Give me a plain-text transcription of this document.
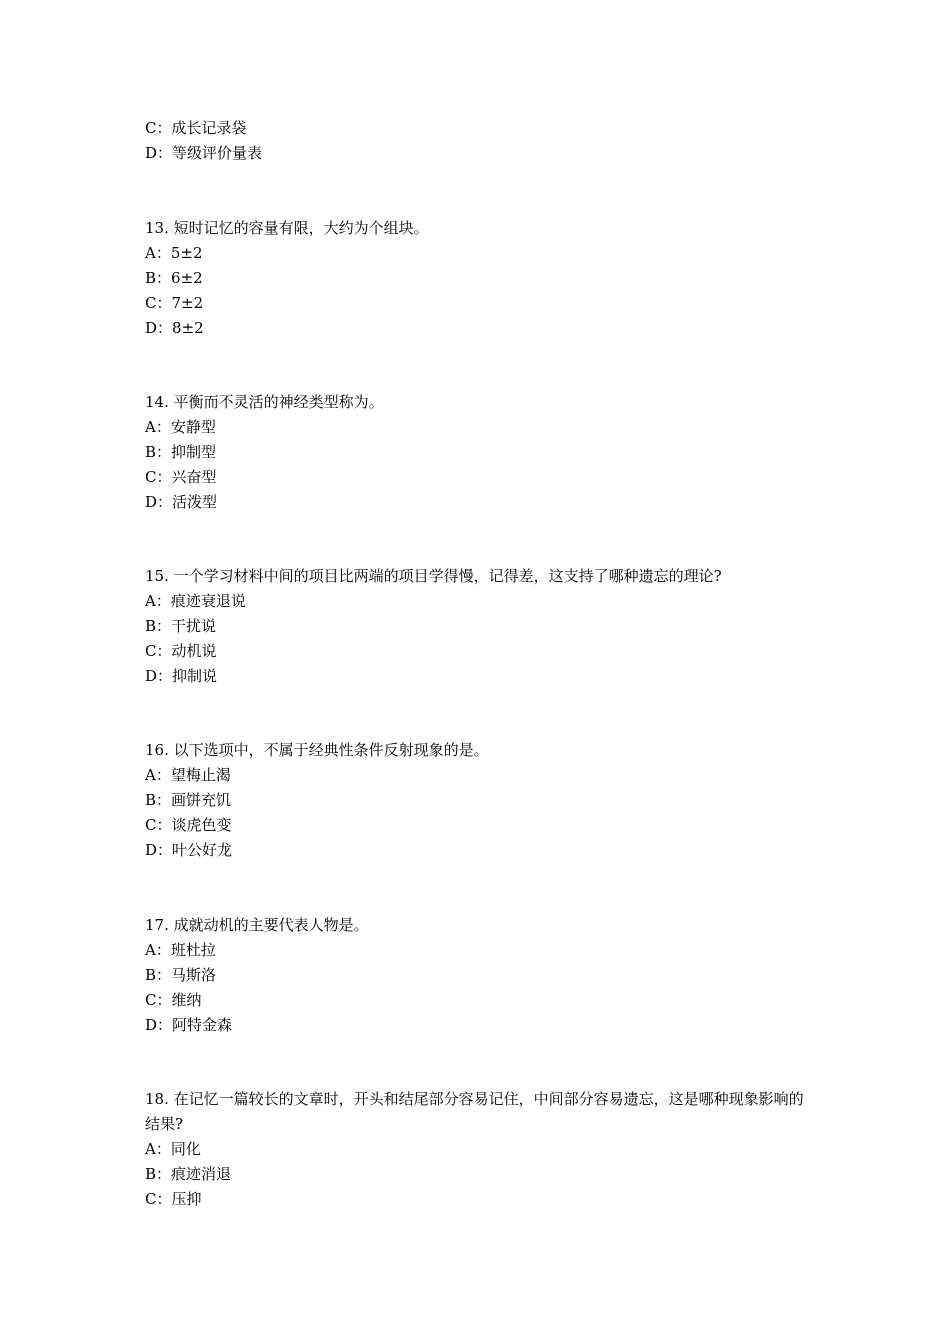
C：成长记录袋
D：等级评价量表
13. 短时记忆的容量有限，大约为个组块。
A：5±2
B：6±2
C：7±2
D：8±2
14. 平衡而不灵活的神经类型称为。
A：安静型
B：抑制型
C：兴奋型
D：活泼型
15. 一个学习材料中间的项目比两端的项目学得慢，记得差，这支持了哪种遗忘的理论?
A：痕迹衰退说
B：干扰说
C：动机说
D：抑制说
16. 以下选项中，不属于经典性条件反射现象的是。
A：望梅止渴
B：画饼充饥
C：谈虎色变
D：叶公好龙
17. 成就动机的主要代表人物是。
A：班杜拉
B：马斯洛
C：维纳
D：阿特金森
18. 在记忆一篇较长的文章时，开头和结尾部分容易记住，中间部分容易遗忘，这是哪种现象影响的结果?
A：同化
B：痕迹消退
C：压抑
